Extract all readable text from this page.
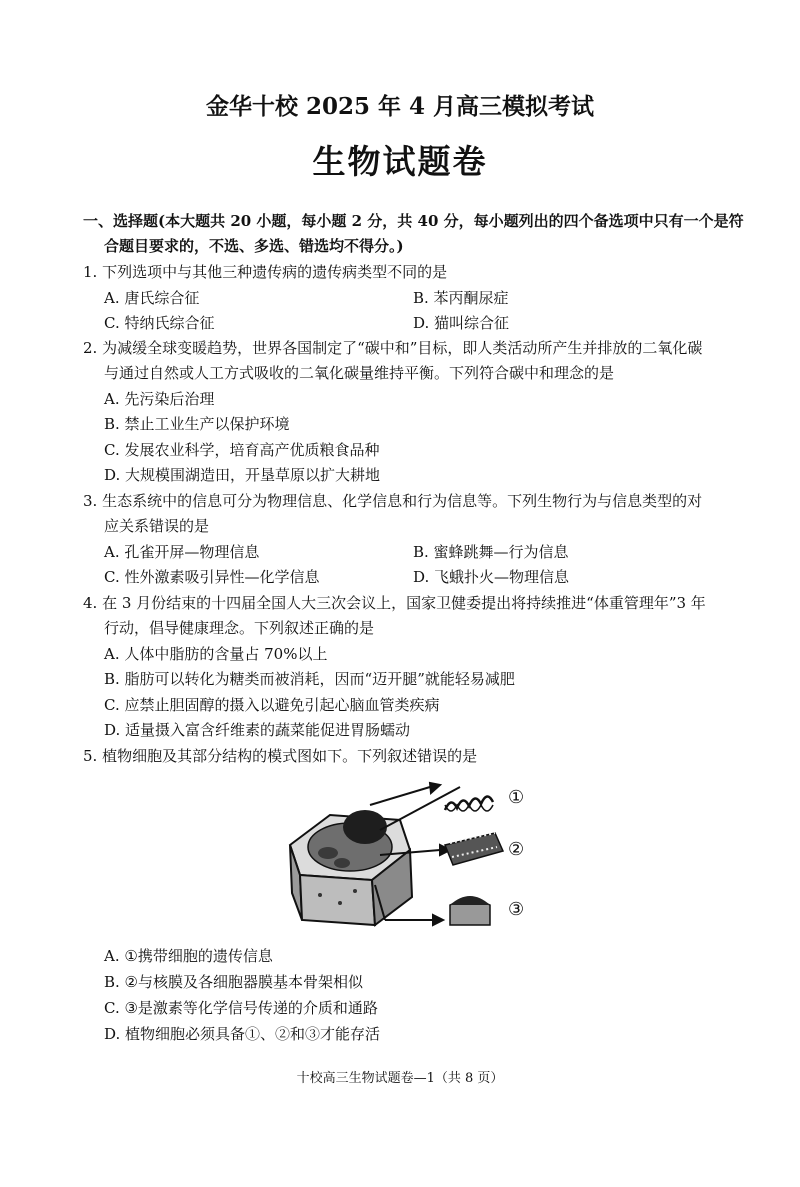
金华十校 2025 年 4 月高三模拟考试
生物试题卷
一、选择题(本大题共 20 小题，每小题 2 分，共 40 分，每小题列出的四个备选项中只有一个是符
合题目要求的，不选、多选、错选均不得分。)
1. 下列选项中与其他三种遗传病的遗传病类型不同的是
A. 唐氏综合征	B. 苯丙酮尿症
C. 特纳氏综合征	D. 猫叫综合征
2. 为减缓全球变暖趋势，世界各国制定了“碳中和”目标，即人类活动所产生并排放的二氧化碳
与通过自然或人工方式吸收的二氧化碳量维持平衡。下列符合碳中和理念的是
A. 先污染后治理
B. 禁止工业生产以保护环境
C. 发展农业科学，培育高产优质粮食品种
D. 大规模围湖造田，开垦草原以扩大耕地
3. 生态系统中的信息可分为物理信息、化学信息和行为信息等。下列生物行为与信息类型的对
应关系错误的是
A. 孔雀开屏—物理信息	B. 蜜蜂跳舞—行为信息
C. 性外激素吸引异性—化学信息	D. 飞蛾扑火—物理信息
4. 在 3 月份结束的十四届全国人大三次会议上，国家卫健委提出将持续推进“体重管理年”3 年
行动，倡导健康理念。下列叙述正确的是
A. 人体中脂肪的含量占 70%以上
B. 脂肪可以转化为糖类而被消耗，因而“迈开腿”就能轻易减肥
C. 应禁止胆固醇的摄入以避免引起心脑血管类疾病
D. 适量摄入富含纤维素的蔬菜能促进胃肠蠕动
5. 植物细胞及其部分结构的模式图如下。下列叙述错误的是
①
②
③
A. ①携带细胞的遗传信息
B. ②与核膜及各细胞器膜基本骨架相似
C. ③是激素等化学信号传递的介质和通路
D. 植物细胞必须具备①、②和③才能存活
十校高三生物试题卷—1（共 8 页）
